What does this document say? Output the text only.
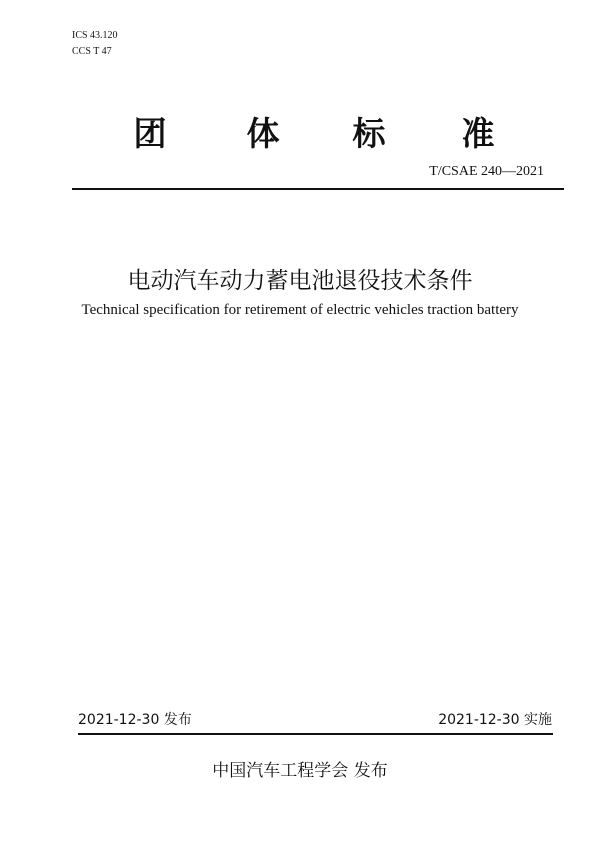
ICS 43.120
CCS T 47
团 体 标 准
T/CSAE 240—2021
电动汽车动力蓄电池退役技术条件
Technical specification for retirement of electric vehicles traction battery
2021-12-30 发布	2021-12-30 实施
中国汽车工程学会 发布
